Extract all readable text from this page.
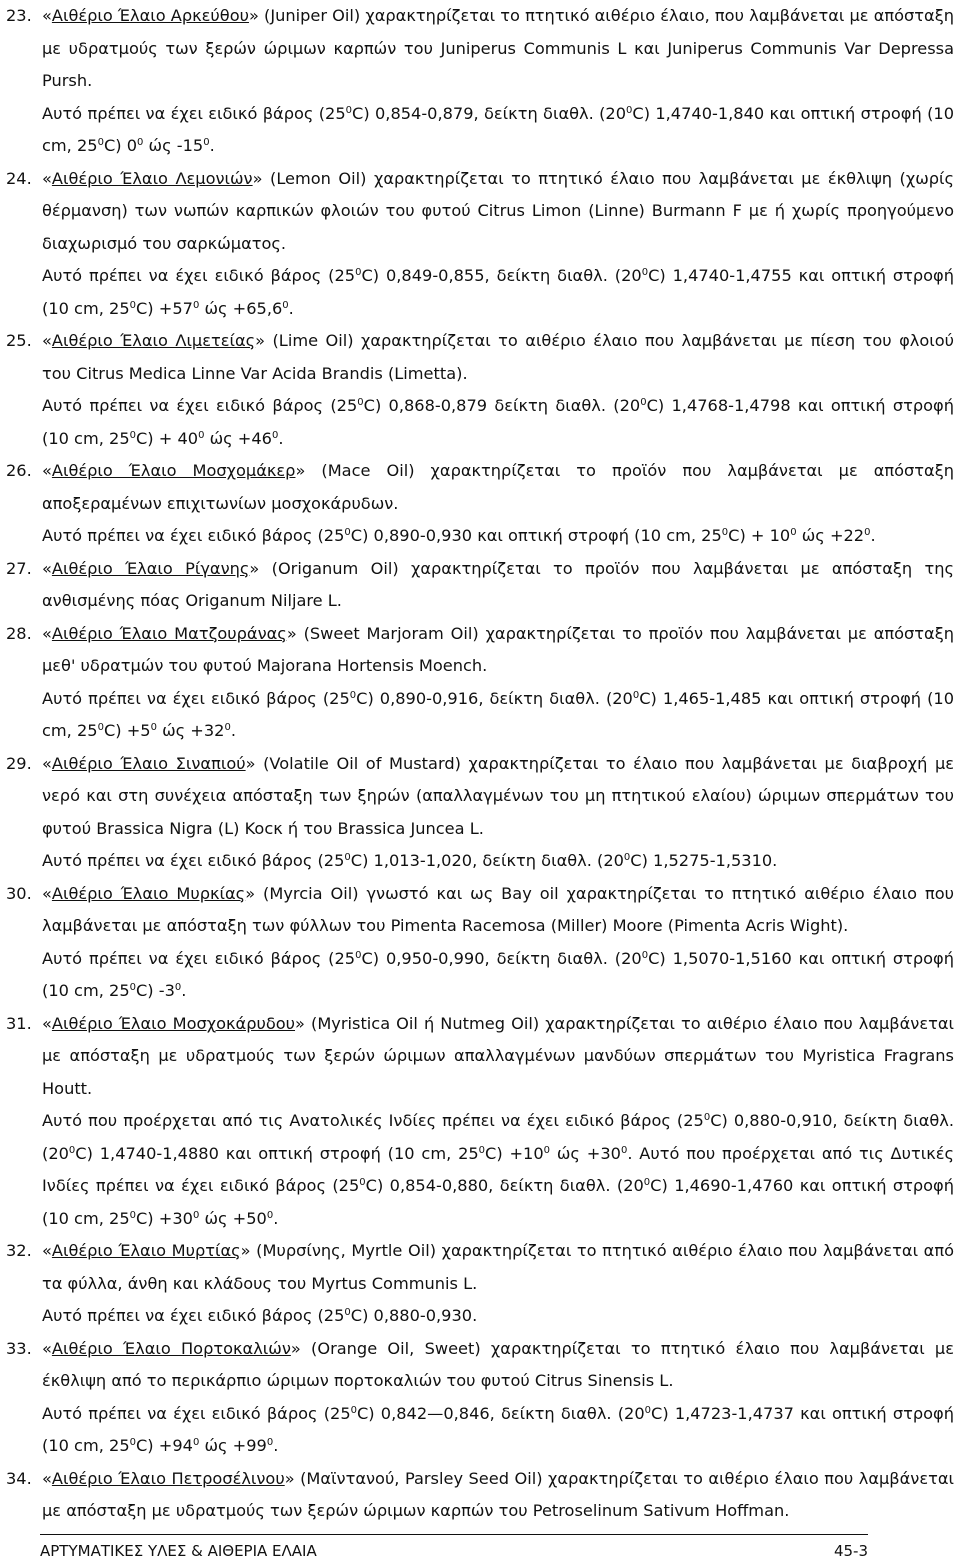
23. «Αιθέριο Έλαιο Αρκεύθου» (Juniper Oil) χαρακτηρίζεται το πτητικό αιθέριο έλαιο, που λαμβάνεται με απόσταξη με υδρατμούς των ξερών ώριμων καρπών του Juniperus Communis L και Juniperus Communis Var Depressa Pursh.
Αυτό πρέπει να έχει ειδικό βάρος $(25^0C)$ 0,854-0,879, δείκτη διαθλ. $(20^0C)$ 1,4740-1,840 και οπτική στροφή (10 cm, $25^0C$) $0^0$ ώς $-15^0$.
24. «Αιθέριο Έλαιο Λεμονιών» (Lemon Oil) χαρακτηρίζεται το πτητικό έλαιο που λαμβάνεται με έκθλιψη (χωρίς θέρμανση) των νωπών καρπικών φλοιών του φυτού Citrus Limon (Linne) Burmann F με ή χωρίς προηγούμενο διαχωρισμό του σαρκώματος.
Αυτό πρέπει να έχει ειδικό βάρος $(25^0C)$ 0,849-0,855, δείκτη διαθλ. $(20^0C)$ 1,4740-1,4755 και οπτική στροφή (10 cm, $25^0C) +57^0$ $ώ\varsigma +65,6^0$.
25. «Αιθέριο Έλαιο Λιμετείας» (Lime Oil) χαρακτηρίζεται το αιθέριο έλαιο που λαμβάνεται με πίεση του φλοιού του Citrus Medica Linne Var Acida Brandis (Limetta).
Αυτό πρέπει να έχει ειδικό βάρος $(25^0C)$ 0,868-0,879 δείκτη διαθλ. $(20^0C)$ 1,4768-1,4798 και οπτική στροφή (10 cm, $25^0C) + 40^0$ $ώ\varsigma +46^0$.
26. «Αιθέριο Έλαιο Μοσχομάκερ» (Mace Oil) χαρακτηρίζεται το προϊόν που λαμβάνεται με απόσταξη αποξεραμένων επιχιτωνίων μοσχοκάρυδων.
Αυτό πρέπει να έχει ειδικό βάρος $(25^0C)$ 0,890-0,930 και οπτική στροφή (10 cm, $25^0C) + 10^0$ $ώ\varsigma +22^0$.
27. «Αιθέριο Έλαιο Ρίγανης» (Origanum Oil) χαρακτηρίζεται το προϊόν που λαμβάνεται με απόσταξη της ανθισμένης πόας Origanum Niljare L.
28. «Αιθέριο Έλαιο Ματζουράνας» (Sweet Marjoram Oil) χαρακτηρίζεται το προϊόν που λαμβάνεται με απόσταξη μεθ' υδρατμών του φυτού Majorana Hortensis Moench.
Αυτό πρέπει να έχει ειδικό βάρος $(25^0C)$ 0,890-0,916, δείκτη διαθλ. $(20^0C)$ 1,465-1,485 και οπτική στροφή (10 cm, $25^0C) +5^0$ $ώ\varsigma +32^0$.
29. «Αιθέριο Έλαιο Σιναπιού» (Volatile Oil of Mustard) χαρακτηρίζεται το έλαιο που λαμβάνεται με διαβροχή με νερό και στη συνέχεια απόσταξη των ξηρών (απαλλαγμένων του μη πτητικού ελαίου) ώριμων σπερμάτων του φυτού Brassica Nigra (L) Kocκ ή του Brassica Juncea L.
Αυτό πρέπει να έχει ειδικό βάρος $(25^0C)$ 1,013-1,020, δείκτη διαθλ. $(20^0C)$ 1,5275-1,5310.
30. «Αιθέριο Έλαιο Μυρκίας» (Myrcia Oil) γνωστό και ως Bay oil χαρακτηρίζεται το πτητικό αιθέριο έλαιο που λαμβάνεται με απόσταξη των φύλλων του Pimenta Racemosa (Miller) Moore (Pimenta Acris Wight).
Αυτό πρέπει να έχει ειδικό βάρος $(25^0C)$ 0,950-0,990, δείκτη διαθλ. $(20^0C)$ 1,5070-1,5160 και οπτική στροφή (10 cm, $25^0C$) $-3^0$.
31. «Αιθέριο Έλαιο Μοσχοκάρυδου» (Myristica Oil ή Nutmeg Oil) χαρακτηρίζεται το αιθέριο έλαιο που λαμβάνεται με απόσταξη με υδρατμούς των ξερών ώριμων απαλλαγμένων μανδύων σπερμάτων του Myristica Fragrans Houtt.
Αυτό που προέρχεται από τις Ανατολικές Ινδίες πρέπει να έχει ειδικό βάρος $(25^0C)$ 0,880-0,910, δείκτη διαθλ. $(20^0C)$ 1,4740-1,4880 και οπτική στροφή (10 cm, $25^0C) +10^0$ $ώ\varsigma +30^0$. Αυτό που προέρχεται από τις Δυτικές Ινδίες πρέπει να έχει ειδικό βάρος $(25^0C)$ 0,854-0,880, δείκτη διαθλ. $(20^0C)$ 1,4690-1,4760 και οπτική στροφή (10 cm, $25^0C) +30^0$ $ώ\varsigma +50^0$.
32. «Αιθέριο Έλαιο Μυρτίας» (Μυρσίνης, Myrtle Oil) χαρακτηρίζεται το πτητικό αιθέριο έλαιο που λαμβάνεται από τα φύλλα, άνθη και κλάδους του Myrtus Communis L.
Αυτό πρέπει να έχει ειδικό βάρος $(25^0C)$ 0,880-0,930.
33. «Αιθέριο Έλαιο Πορτοκαλιών» (Orange Oil, Sweet) χαρακτηρίζεται το πτητικό έλαιο που λαμβάνεται με έκθλιψη από το περικάρπιο ώριμων πορτοκαλιών του φυτού Citrus Sinensis L.
Αυτό πρέπει να έχει ειδικό βάρος $(25^0C)$ 0,842—0,846, δείκτη διαθλ. $(20^0C)$ 1,4723-1,4737 και οπτική στροφή (10 cm, $25^0C) +94^0$ $ώ\varsigma +99^0$.
34. «Αιθέριο Έλαιο Πετροσέλινου» (Μαϊντανού, Parsley Seed Oil) χαρακτηρίζεται το αιθέριο έλαιο που λαμβάνεται με απόσταξη με υδρατμούς των ξερών ώριμων καρπών του Petroselinum Sativum Hoffman.
ΑΡΤΥΜΑΤΙΚΕΣ ΥΛΕΣ & ΑΙΘΕΡΙΑ ΕΛΑΙΑ	45-3
